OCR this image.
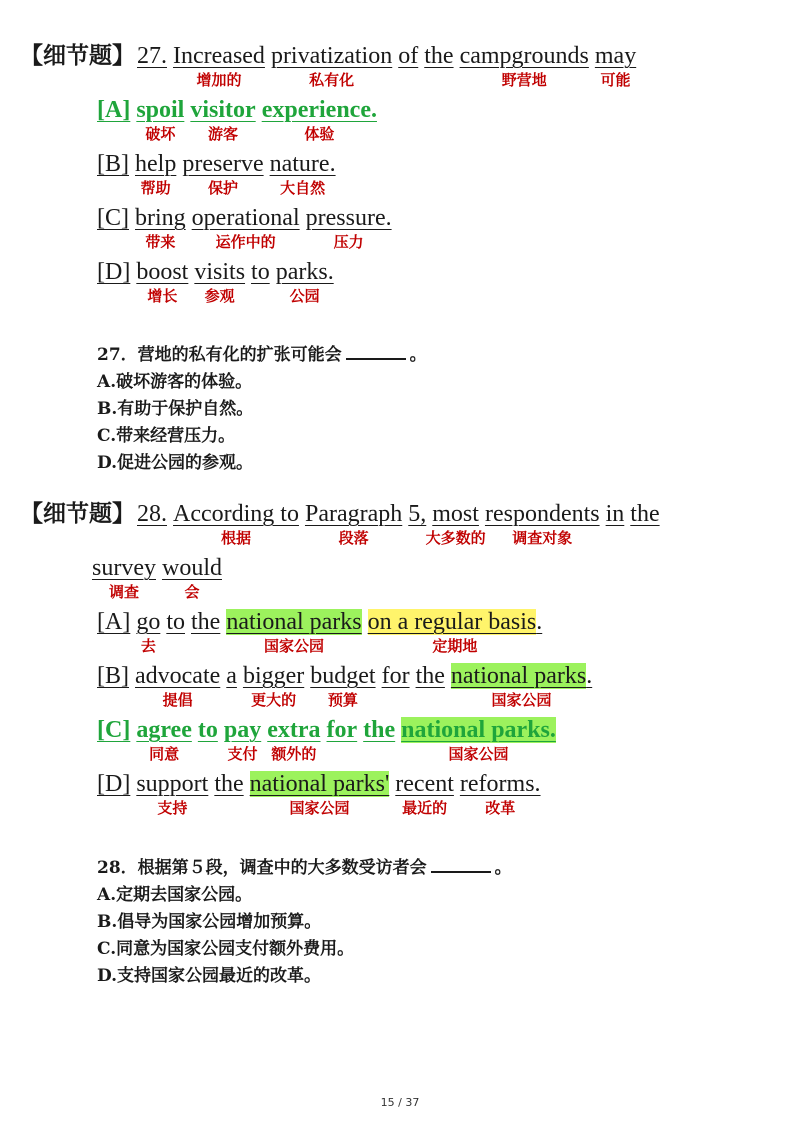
【细节题】27. Increased
增加的
privatization
私有化
of the campgrounds
野营地
may
可能
[A] spoil
破坏
visitor
游客
experience.
体验
[B] help
帮助
preserve
保护
nature.
大自然
[C] bring
带来
operational
运作中的
pressure.
压力
[D] boost
增长
visits
参观
to parks.
公园
27．营地的私有化的扩张可能会	。
A.破坏游客的体验。
B.有助于保护自然。
C.带来经营压力。
D.促进公园的参观。
【细节题】28. According to
根据
Paragraph
段落
5, most
大多数的
respondents
调查对象
in the
survey
调查
would
会
[A] go
去
to the national parks
国家公园
on a regular basis.
定期地
[B] advocate
提倡
a bigger
更大的
budget
预算
for the national parks.
国家公园
[C] agree
同意
to pay
支付
extra
额外的
for the national parks.
国家公园
[D] support
支持
the national parks'
国家公园
recent
最近的
reforms.
改革
28．根据第５段，调查中的大多数受访者会	。
A.定期去国家公园。
B.倡导为国家公园增加预算。
C.同意为国家公园支付额外费用。
D.支持国家公园最近的改革。
15 / 37
